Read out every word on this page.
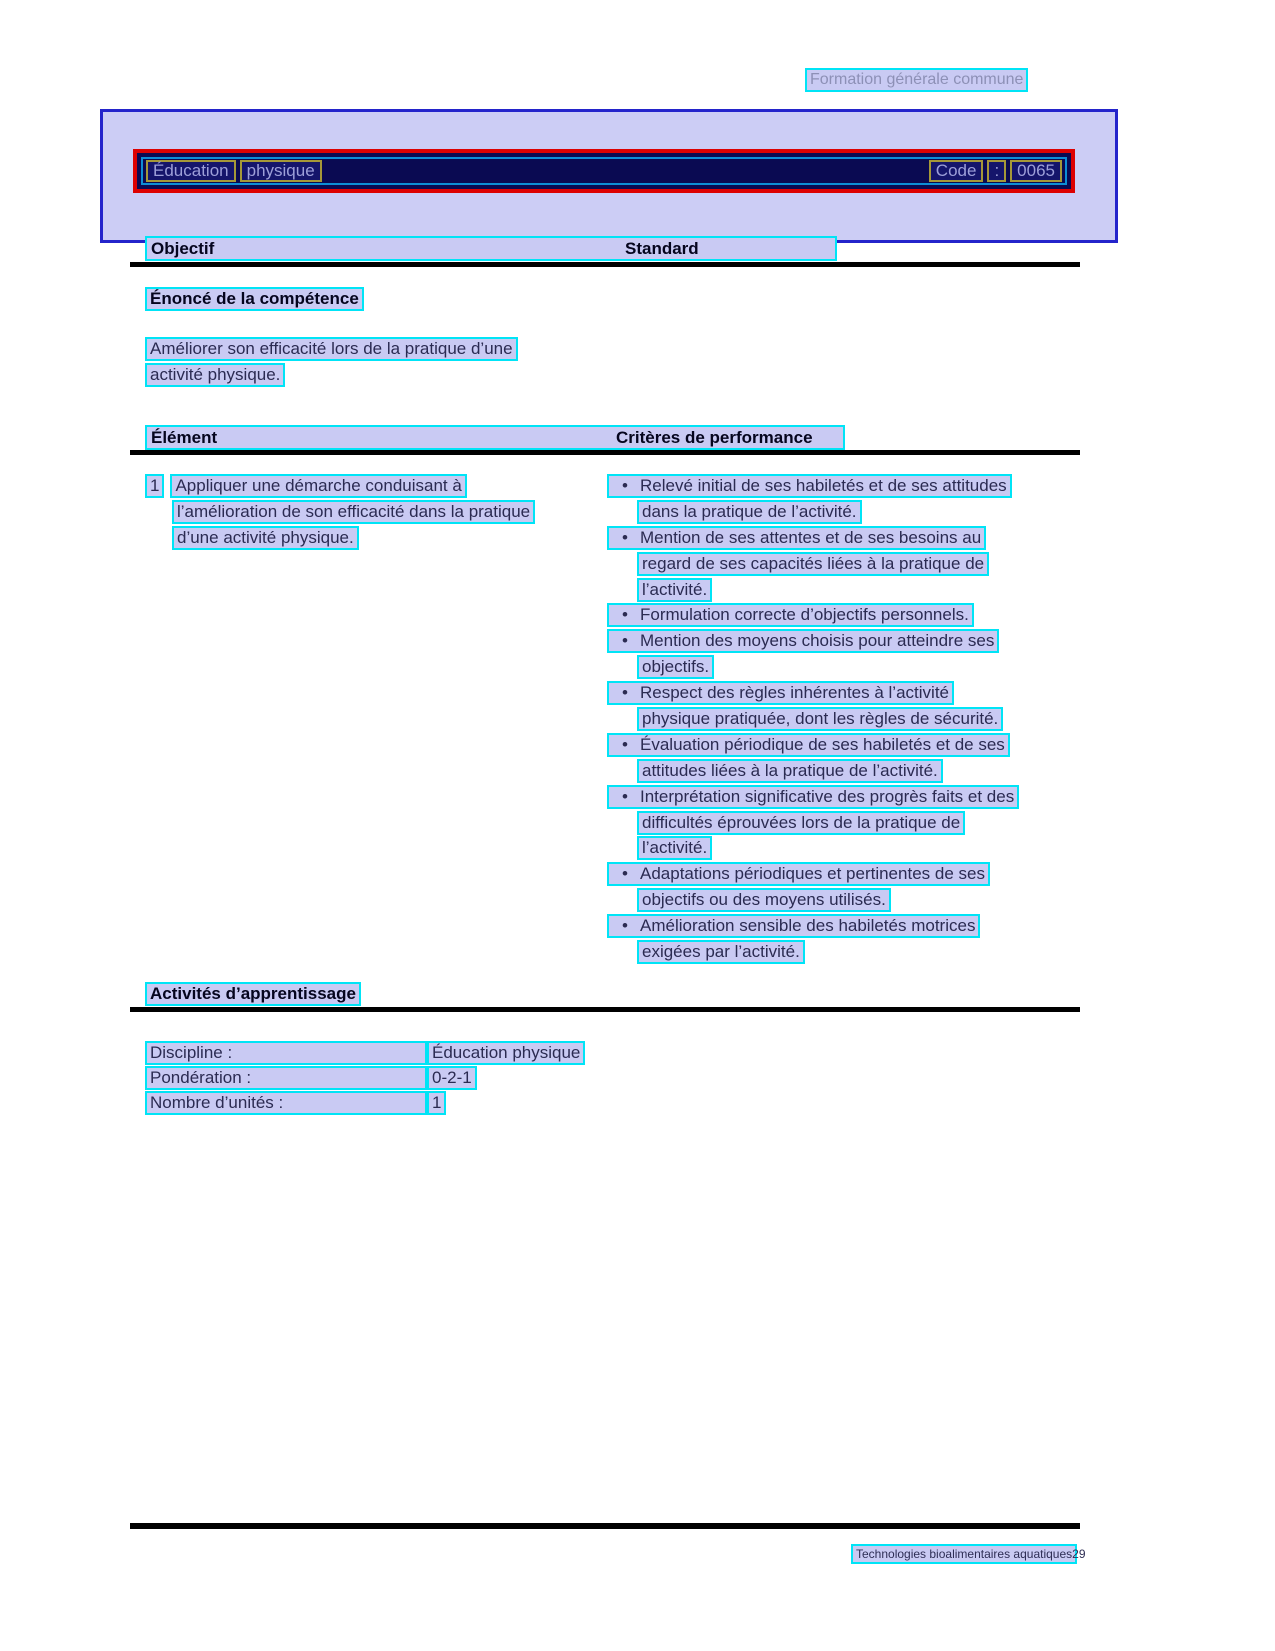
Formation générale commune
Éducation	physique	Code	:	0065
Objectif	Standard
Énoncé de la compétence
Améliorer son efficacité lors de la pratique d’une
activité physique.
Élément	Critères de performance
1 Appliquer une démarche conduisant à
l’amélioration de son efficacité dans la pratique
d’une activité physique.
• Relevé initial de ses habiletés et de ses attitudes
dans la pratique de l’activité.
• Mention de ses attentes et de ses besoins au
regard de ses capacités liées à la pratique de
l’activité.
• Formulation correcte d’objectifs personnels.
• Mention des moyens choisis pour atteindre ses
objectifs.
• Respect des règles inhérentes à l’activité
physique pratiquée, dont les règles de sécurité.
• Évaluation périodique de ses habiletés et de ses
attitudes liées à la pratique de l’activité.
• Interprétation significative des progrès faits et des
difficultés éprouvées lors de la pratique de
l’activité.
• Adaptations périodiques et pertinentes de ses
objectifs ou des moyens utilisés.
• Amélioration sensible des habiletés motrices
exigées par l’activité.
Activités d’apprentissage
Discipline :	Éducation physique
Pondération :	0-2-1
Nombre d’unités :	1
Technologies bioalimentaires aquatiques 29
